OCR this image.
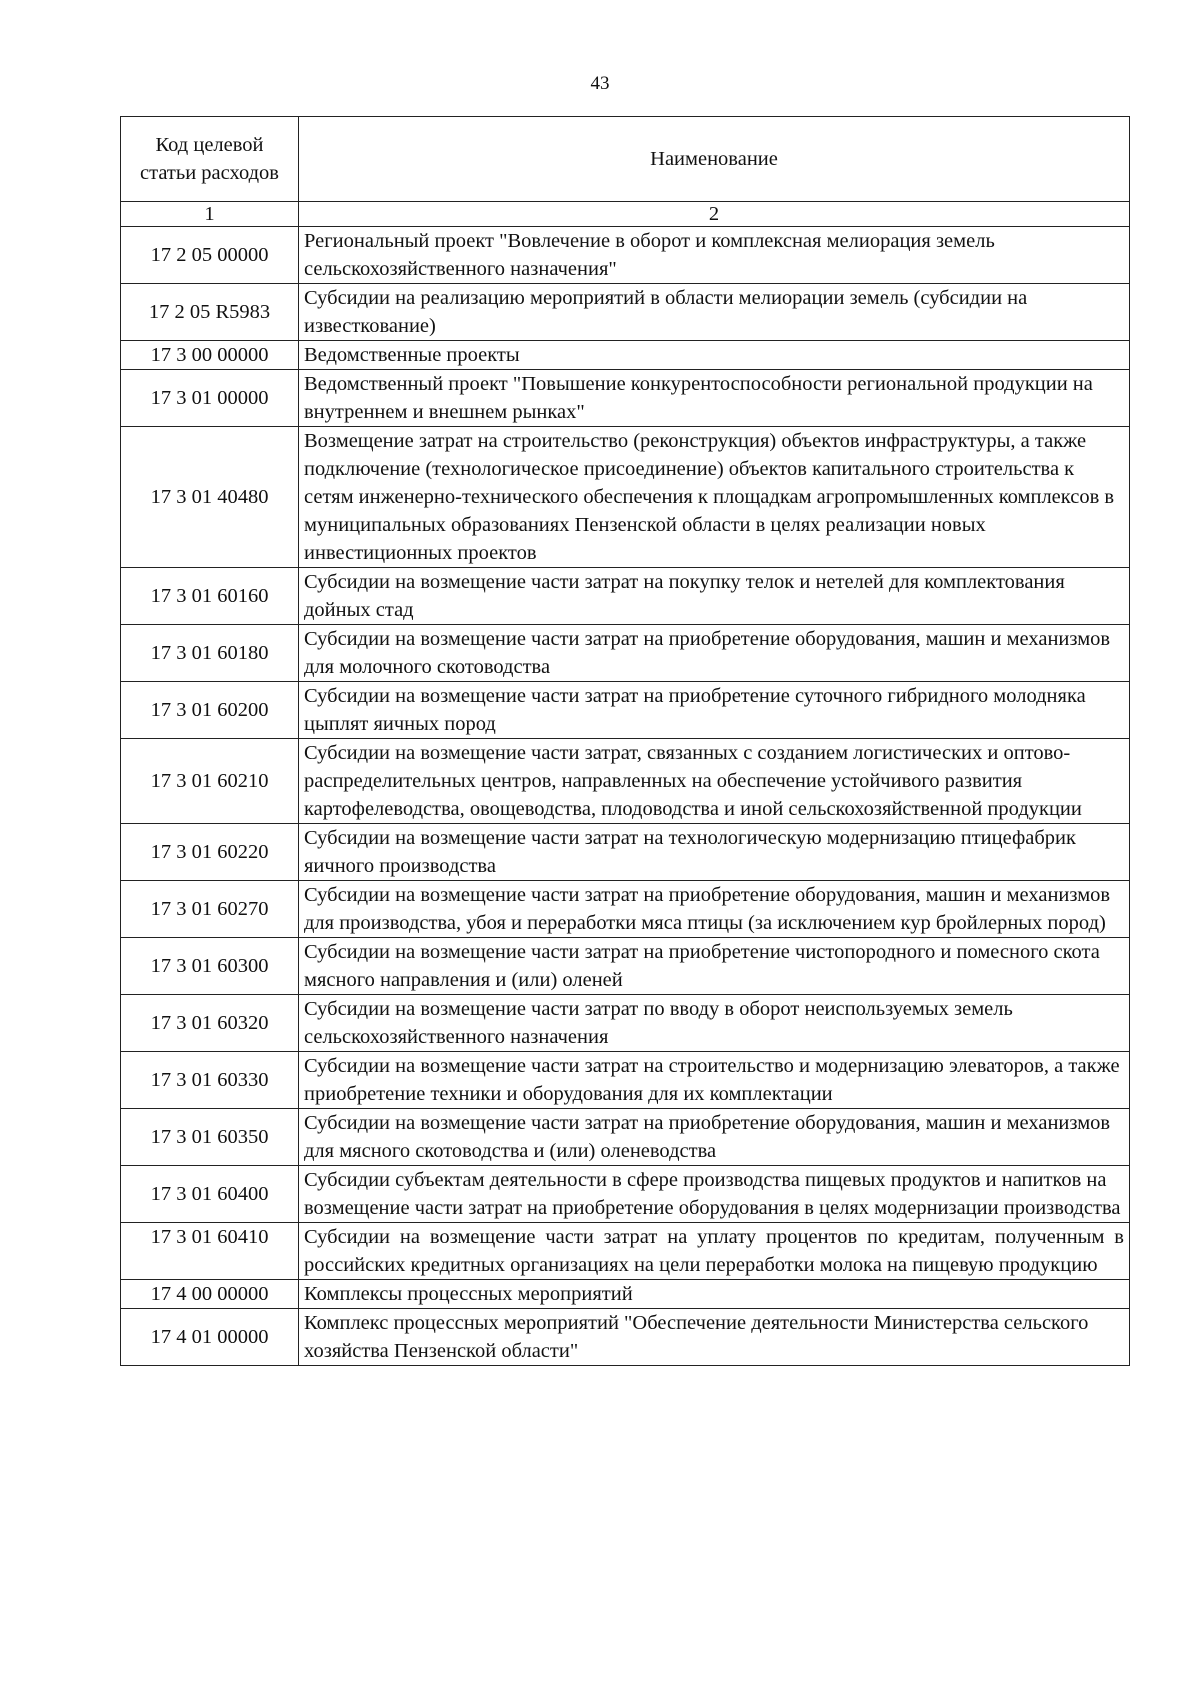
43
Код целевой статьи расходов	Наименование
1	2
17 2 05 00000	Региональный проект "Вовлечение в оборот и комплексная мелиорация земель сельскохозяйственного назначения"
17 2 05 R5983	Субсидии на реализацию мероприятий в области мелиорации земель (субсидии на известкование)
17 3 00 00000	Ведомственные проекты
17 3 01 00000	Ведомственный проект "Повышение конкурентоспособности региональной продукции на внутреннем и внешнем рынках"
17 3 01 40480	Возмещение затрат на строительство (реконструкция) объектов инфраструктуры, а также подключение (технологическое присоединение) объектов капитального строительства к сетям инженерно-технического обеспечения к площадкам агропромышленных комплексов в муниципальных образованиях Пензенской области в целях реализации новых инвестиционных проектов
17 3 01 60160	Субсидии на возмещение части затрат на покупку телок и нетелей для комплектования дойных стад
17 3 01 60180	Субсидии на возмещение части затрат на приобретение оборудования, машин и механизмов для молочного скотоводства
17 3 01 60200	Субсидии на возмещение части затрат на приобретение суточного гибридного молодняка цыплят яичных пород
17 3 01 60210	Субсидии на возмещение части затрат, связанных с созданием логистических и оптово-распределительных центров, направленных на обеспечение устойчивого развития картофелеводства, овощеводства, плодоводства и иной сельскохозяйственной продукции
17 3 01 60220	Субсидии на возмещение части затрат на технологическую модернизацию птицефабрик яичного производства
17 3 01 60270	Субсидии на возмещение части затрат на приобретение оборудования, машин и механизмов для производства, убоя и переработки мяса птицы (за исключением кур бройлерных пород)
17 3 01 60300	Субсидии на возмещение части затрат на приобретение чистопородного и помесного скота мясного направления и (или) оленей
17 3 01 60320	Субсидии на возмещение части затрат по вводу в оборот неиспользуемых земель сельскохозяйственного назначения
17 3 01 60330	Субсидии на возмещение части затрат на строительство и модернизацию элеваторов, а также приобретение техники и оборудования для их комплектации
17 3 01 60350	Субсидии на возмещение части затрат на приобретение оборудования, машин и механизмов для мясного скотоводства и (или) оленеводства
17 3 01 60400	Субсидии субъектам деятельности в сфере производства пищевых продуктов и напитков на возмещение части затрат на приобретение оборудования в целях модернизации производства
17 3 01 60410	Субсидии на возмещение части затрат на уплату процентов по кредитам, полученным в российских кредитных организациях на цели переработки молока на пищевую продукцию
17 4 00 00000	Комплексы процессных мероприятий
17 4 01 00000	Комплекс процессных мероприятий "Обеспечение деятельности Министерства сельского хозяйства Пензенской области"
